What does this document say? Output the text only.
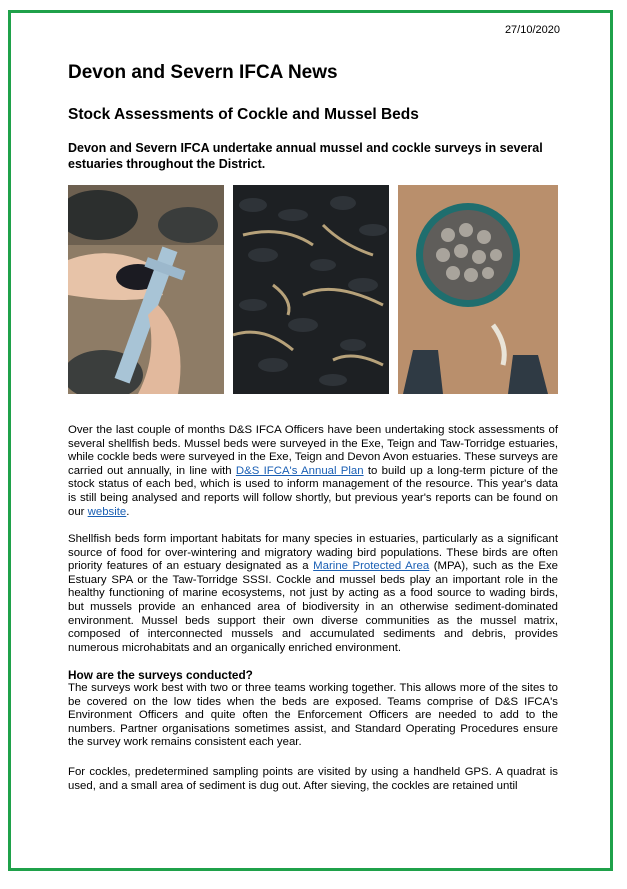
27/10/2020
Devon and Severn IFCA News
Stock Assessments of Cockle and Mussel Beds
Devon and Severn IFCA undertake annual mussel and cockle surveys in several estuaries throughout the District.
Over the last couple of months D&S IFCA Officers have been undertaking stock assessments of several shellfish beds. Mussel beds were surveyed in the Exe, Teign and Taw-Torridge estuaries, while cockle beds were surveyed in the Exe, Teign and Devon Avon estuaries. These surveys are carried out annually, in line with D&S IFCA's Annual Plan to build up a long-term picture of the stock status of each bed, which is used to inform management of the resource. This year's data is still being analysed and reports will follow shortly, but previous year's reports can be found on our website.
Shellfish beds form important habitats for many species in estuaries, particularly as a significant source of food for over-wintering and migratory wading bird populations. These birds are often priority features of an estuary designated as a Marine Protected Area (MPA), such as the Exe Estuary SPA or the Taw-Torridge SSSI. Cockle and mussel beds play an important role in the healthy functioning of marine ecosystems, not just by acting as a food source to wading birds, but mussels provide an enhanced area of biodiversity in an otherwise sediment-dominated environment. Mussel beds support their own diverse communities as the mussel matrix, composed of interconnected mussels and accumulated sediments and debris, provides numerous microhabitats and an organically enriched environment.
How are the surveys conducted?
The surveys work best with two or three teams working together. This allows more of the sites to be covered on the low tides when the beds are exposed. Teams comprise of D&S IFCA's Environment Officers and quite often the Enforcement Officers are needed to add to the numbers. Partner organisations sometimes assist, and Standard Operating Procedures ensure the survey work remains consistent each year.
For cockles, predetermined sampling points are visited by using a handheld GPS. A quadrat is used, and a small area of sediment is dug out. After sieving, the cockles are retained until
